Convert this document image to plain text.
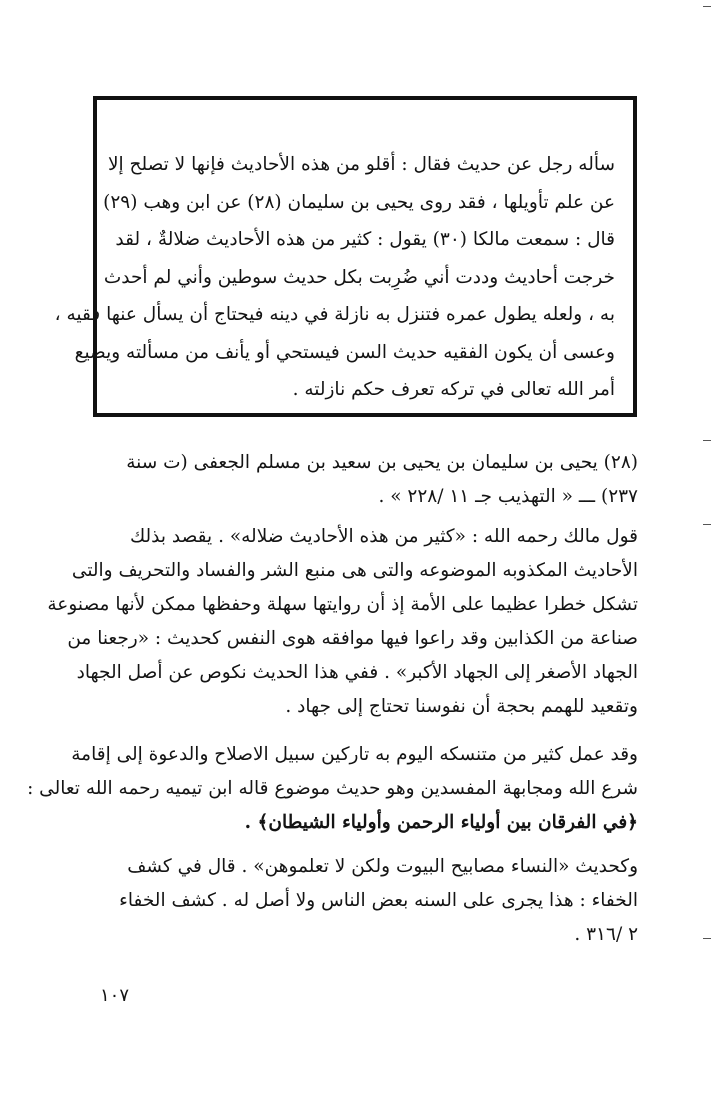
سأله رجل عن حديث فقال : أقلو من هذه الأحاديث فإنها لا تصلح إلا
عن علم تأويلها ، فقد روى يحيى بن سليمان (٢٨) عن ابن وهب (٢٩)
قال : سمعت مالكا (٣٠) يقول : كثير من هذه الأحاديث ضلالةٌ ، لقد
خرجت أحاديث وددت أني ضُرِبت بكل حديث سوطين وأني لم أحدث
به ، ولعله يطول عمره فتنزل به نازلة في دينه فيحتاج أن يسأل عنها فقيه ،
وعسى أن يكون الفقيه حديث السن فيستحي أو يأنف من مسألته ويضيع
أمر الله تعالى في تركه تعرف حكم نازلته .
(٢٨) يحيى بن سليمان بن يحيى بن سعيد بن مسلم الجعفى (ت سنة
٢٣٧) ـــ « التهذيب جـ ١١ /٢٢٨ » .
قول مالك رحمه الله : «كثير من هذه الأحاديث ضلاله» . يقصد بذلك
الأحاديث المكذوبه الموضوعه والتى هى منبع الشر والفساد والتحريف والتى
تشكل خطرا عظيما على الأمة إذ أن روايتها سهلة وحفظها ممكن لأنها مصنوعة
صناعة من الكذابين وقد راعوا فيها موافقه هوى النفس كحديث : «رجعنا من
الجهاد الأصغر إلى الجهاد الأكبر» . ففي هذا الحديث نكوص عن أصل الجهاد
وتقعيد للهمم بحجة أن نفوسنا تحتاج إلى جهاد .
وقد عمل كثير من متنسكه اليوم به تاركين سبيل الاصلاح والدعوة إلى إقامة
شرع الله ومجابهة المفسدين وهو حديث موضوع قاله ابن تيميه رحمه الله تعالى :
﴿في الفرقان بين أولياء الرحمن وأولياء الشيطان﴾ .
وكحديث «النساء مصابيح البيوت ولكن لا تعلموهن» . قال في كشف
الخفاء : هذا يجرى على السنه بعض الناس ولا أصل له . كشف الخفاء
٢ /٣١٦ .
١٠٧
